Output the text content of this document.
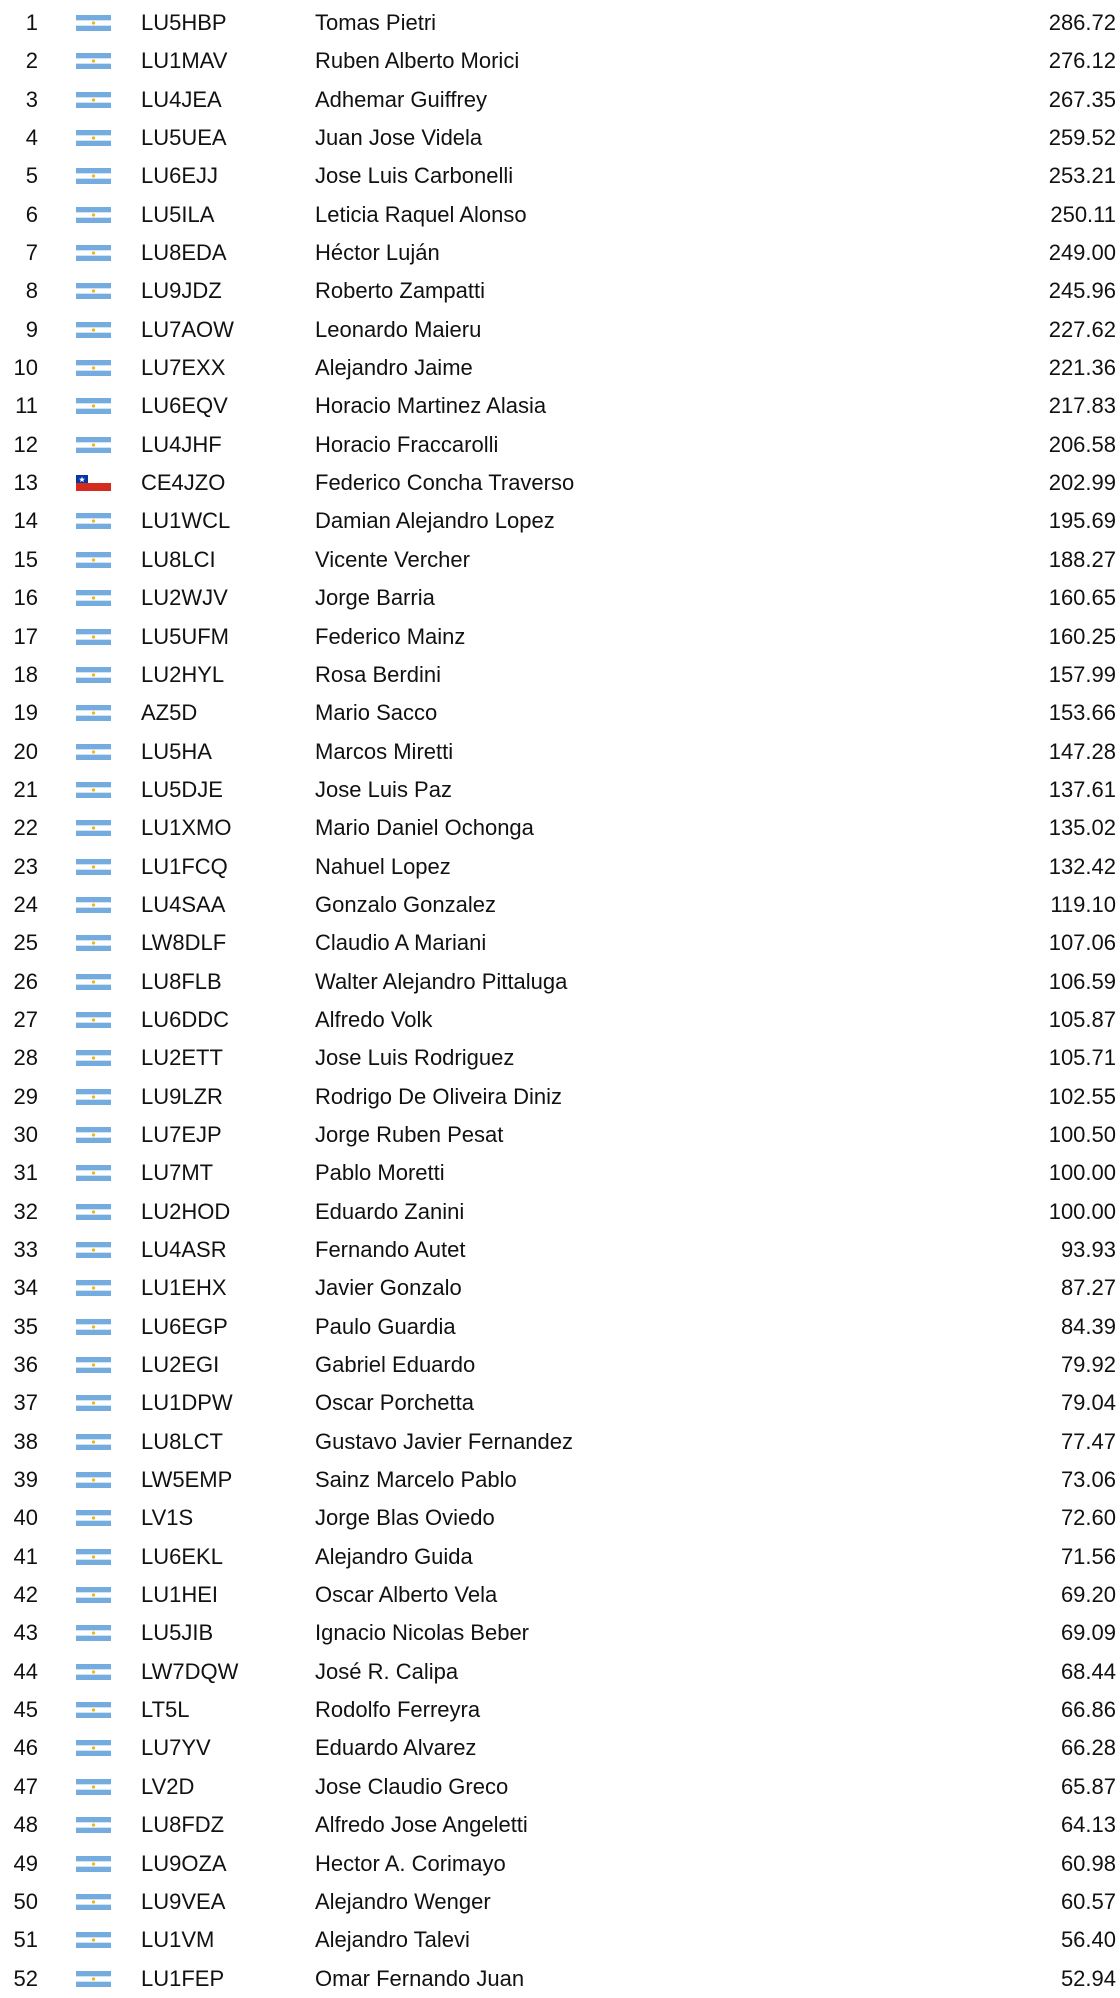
1	LU5HBP	Tomas Pietri	286.72
2	LU1MAV	Ruben Alberto Morici	276.12
3	LU4JEA	Adhemar Guiffrey	267.35
4	LU5UEA	Juan Jose Videla	259.52
5	LU6EJJ	Jose Luis Carbonelli	253.21
6	LU5ILA	Leticia Raquel Alonso	250.11
7	LU8EDA	Héctor Luján	249.00
8	LU9JDZ	Roberto Zampatti	245.96
9	LU7AOW	Leonardo Maieru	227.62
10	LU7EXX	Alejandro Jaime	221.36
11	LU6EQV	Horacio Martinez Alasia	217.83
12	LU4JHF	Horacio Fraccarolli	206.58
13	CE4JZO	Federico Concha Traverso	202.99
14	LU1WCL	Damian Alejandro Lopez	195.69
15	LU8LCI	Vicente Vercher	188.27
16	LU2WJV	Jorge Barria	160.65
17	LU5UFM	Federico Mainz	160.25
18	LU2HYL	Rosa Berdini	157.99
19	AZ5D	Mario Sacco	153.66
20	LU5HA	Marcos Miretti	147.28
21	LU5DJE	Jose Luis Paz	137.61
22	LU1XMO	Mario Daniel Ochonga	135.02
23	LU1FCQ	Nahuel Lopez	132.42
24	LU4SAA	Gonzalo Gonzalez	119.10
25	LW8DLF	Claudio A Mariani	107.06
26	LU8FLB	Walter Alejandro Pittaluga	106.59
27	LU6DDC	Alfredo Volk	105.87
28	LU2ETT	Jose Luis Rodriguez	105.71
29	LU9LZR	Rodrigo De Oliveira Diniz	102.55
30	LU7EJP	Jorge Ruben Pesat	100.50
31	LU7MT	Pablo Moretti	100.00
32	LU2HOD	Eduardo Zanini	100.00
33	LU4ASR	Fernando Autet	93.93
34	LU1EHX	Javier Gonzalo	87.27
35	LU6EGP	Paulo Guardia	84.39
36	LU2EGI	Gabriel Eduardo	79.92
37	LU1DPW	Oscar Porchetta	79.04
38	LU8LCT	Gustavo Javier Fernandez	77.47
39	LW5EMP	Sainz Marcelo Pablo	73.06
40	LV1S	Jorge Blas Oviedo	72.60
41	LU6EKL	Alejandro Guida	71.56
42	LU1HEI	Oscar Alberto Vela	69.20
43	LU5JIB	Ignacio Nicolas Beber	69.09
44	LW7DQW	José R. Calipa	68.44
45	LT5L	Rodolfo Ferreyra	66.86
46	LU7YV	Eduardo Alvarez	66.28
47	LV2D	Jose Claudio Greco	65.87
48	LU8FDZ	Alfredo Jose Angeletti	64.13
49	LU9OZA	Hector A. Corimayo	60.98
50	LU9VEA	Alejandro Wenger	60.57
51	LU1VM	Alejandro Talevi	56.40
52	LU1FEP	Omar Fernando Juan	52.94
